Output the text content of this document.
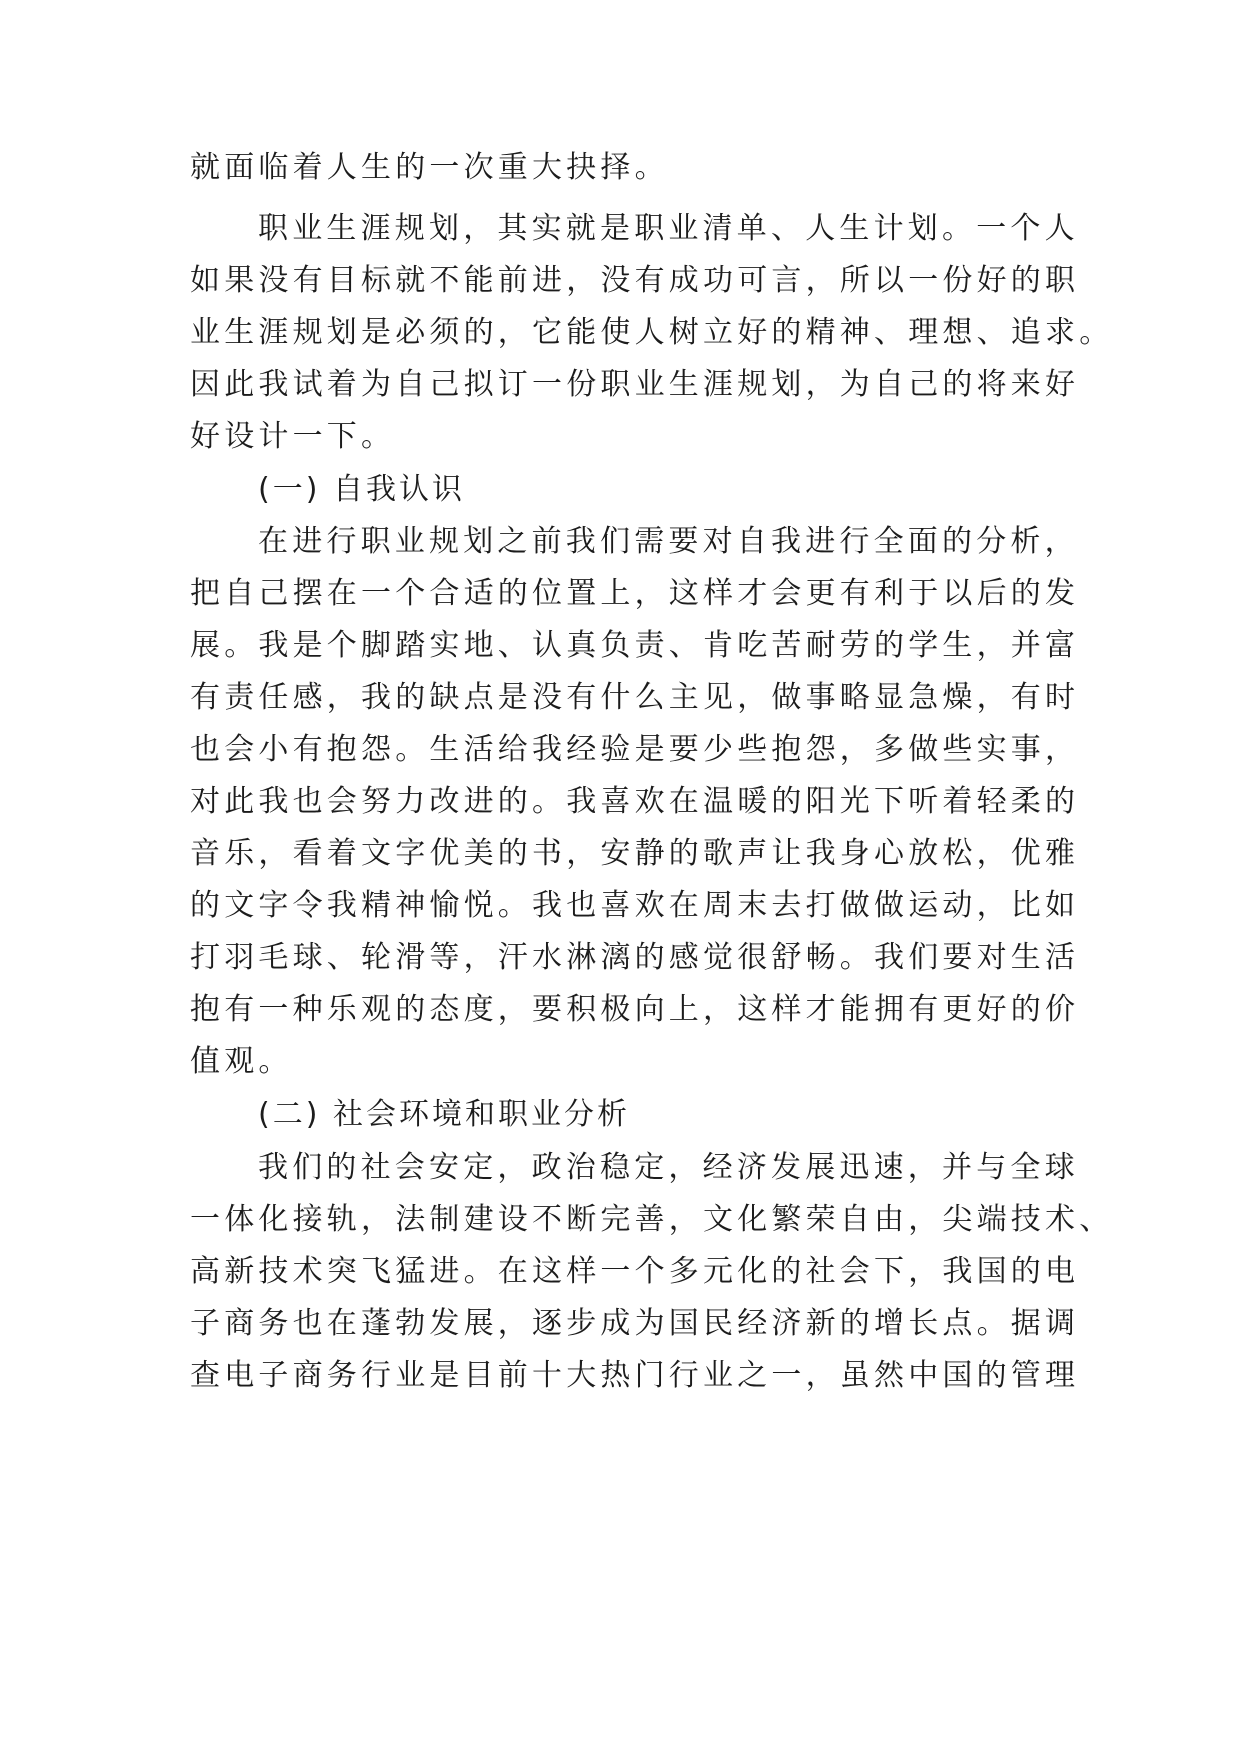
就面临着人生的一次重大抉择。
职业生涯规划，其实就是职业清单、人生计划。一个人
如果没有目标就不能前进，没有成功可言，所以一份好的职
业生涯规划是必须的，它能使人树立好的精神、理想、追求。
因此我试着为自己拟订一份职业生涯规划，为自己的将来好
好设计一下。
(一) 自我认识
在进行职业规划之前我们需要对自我进行全面的分析，
把自己摆在一个合适的位置上，这样才会更有利于以后的发
展。我是个脚踏实地、认真负责、肯吃苦耐劳的学生，并富
有责任感，我的缺点是没有什么主见，做事略显急燥，有时
也会小有抱怨。生活给我经验是要少些抱怨，多做些实事，
对此我也会努力改进的。我喜欢在温暖的阳光下听着轻柔的
音乐，看着文字优美的书，安静的歌声让我身心放松，优雅
的文字令我精神愉悦。我也喜欢在周末去打做做运动，比如
打羽毛球、轮滑等，汗水淋漓的感觉很舒畅。我们要对生活
抱有一种乐观的态度，要积极向上，这样才能拥有更好的价
值观。
(二) 社会环境和职业分析
我们的社会安定，政治稳定，经济发展迅速，并与全球
一体化接轨，法制建设不断完善，文化繁荣自由，尖端技术、
高新技术突飞猛进。在这样一个多元化的社会下，我国的电
子商务也在蓬勃发展，逐步成为国民经济新的增长点。据调
查电子商务行业是目前十大热门行业之一，虽然中国的管理
